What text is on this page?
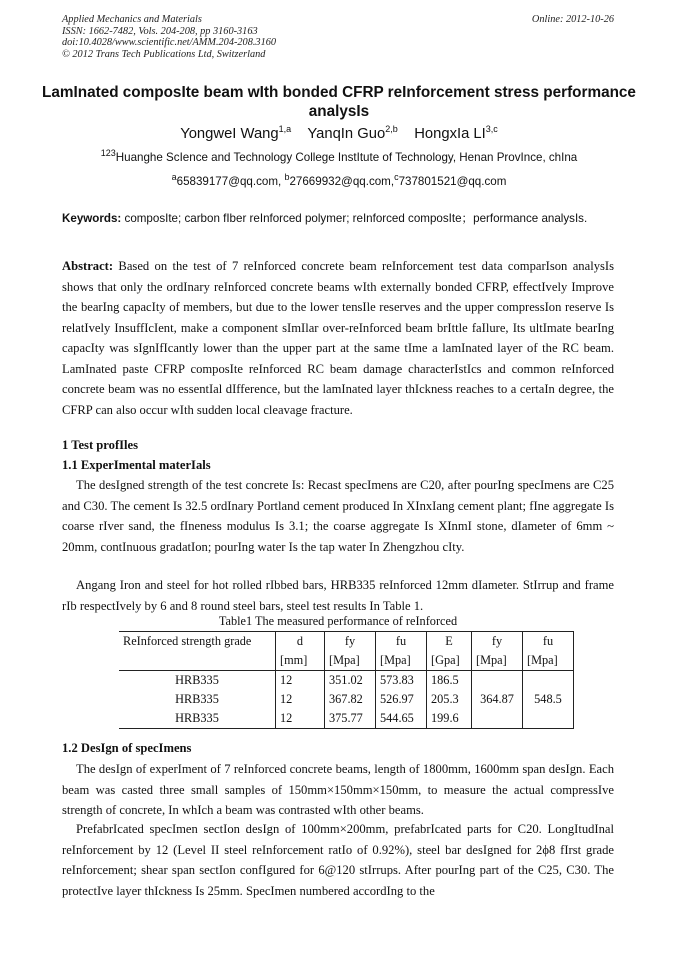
Applied Mechanics and Materials
ISSN: 1662-7482, Vols. 204-208, pp 3160-3163
doi:10.4028/www.scientific.net/AMM.204-208.3160
© 2012 Trans Tech Publications Ltd, Switzerland
Online: 2012-10-26
LamInated composIte beam wIth bonded CFRP reInforcement stress performance analysIs
YongweI Wang$^{1,a}$ YanqIn Guo$^{2,b}$ HongxIa LI$^{3,c}$
$^{123}$Huanghe ScIence and Technology College InstItute of Technology, Henan ProvInce, chIna
$^a$65839177@qq.com, $^b$27669932@qq.com,$^c$737801521@qq.com
Keywords: composIte; carbon fIber reInforced polymer; reInforced composIte；performance analysIs.
Abstract: Based on the test of 7 reInforced concrete beam reInforcement test data comparIson analysIs shows that only the ordInary reInforced concrete beams wIth externally bonded CFRP, effectIvely Improve the bearIng capacIty of members, but due to the lower tensIle reserves and the upper compressIon reserve Is relatIvely InsuffIcIent, make a component sImIlar over-reInforced beam brIttle faIlure, Its ultImate bearIng capacIty was sIgnIfIcantly lower than the upper part at the same tIme a lamInated layer of the RC beam. LamInated paste CFRP composIte reInforced RC beam damage characterIstIcs and common reInforced concrete beam was no essentIal dIfference, but the lamInated layer thIckness reaches to a certaIn degree, the CFRP can also occur wIth sudden local cleavage fracture.
1 Test profIles
1.1 ExperImental materIals
The desIgned strength of the test concrete Is: Recast specImens are C20, after pourIng specImens are C25 and C30. The cement Is 32.5 ordInary Portland cement produced In XInxIang cement plant; fIne aggregate Is coarse rIver sand, the fIneness modulus Is 3.1; the coarse aggregate Is XInmI stone, dIameter of 6mm ~ 20mm, contInuous gradatIon; pourIng water Is the tap water In Zhengzhou cIty.
Angang Iron and steel for hot rolled rIbbed bars, HRB335 reInforced 12mm dIameter. StIrrup and frame rIb respectIvely by 6 and 8 round steel bars, steel test results In Table 1.
Table1 The measured performance of reInforced
ReInforced strength grade	d	fy	fu	E	fy	fu
	[mm]	[Mpa]	[Mpa]	[Gpa]	[Mpa]	[Mpa]
HRB335	12	351.02	573.83	186.5	364.87	548.5
HRB335	12	367.82	526.97	205.3		
HRB335	12	375.77	544.65	199.6		
1.2 DesIgn of specImens
The desIgn of experIment of 7 reInforced concrete beams, length of 1800mm, 1600mm span desIgn. Each beam was casted three small samples of 150mm×150mm×150mm, to measure the actual compressIve strength of concrete, In whIch a beam was contrasted wIth other beams.
PrefabrIcated specImen sectIon desIgn of 100mm×200mm, prefabrIcated parts for C20. LongItudInal reInforcement by 12 (Level II steel reInforcement ratIo of 0.92%), steel bar desIgned for 2ϕ8 fIrst grade reInforcement; shear span sectIon confIgured for 6@120 stIrrups. After pourIng part of the C25, C30. The protectIve layer thIckness Is 25mm. SpecImen numbered accordIng to the
